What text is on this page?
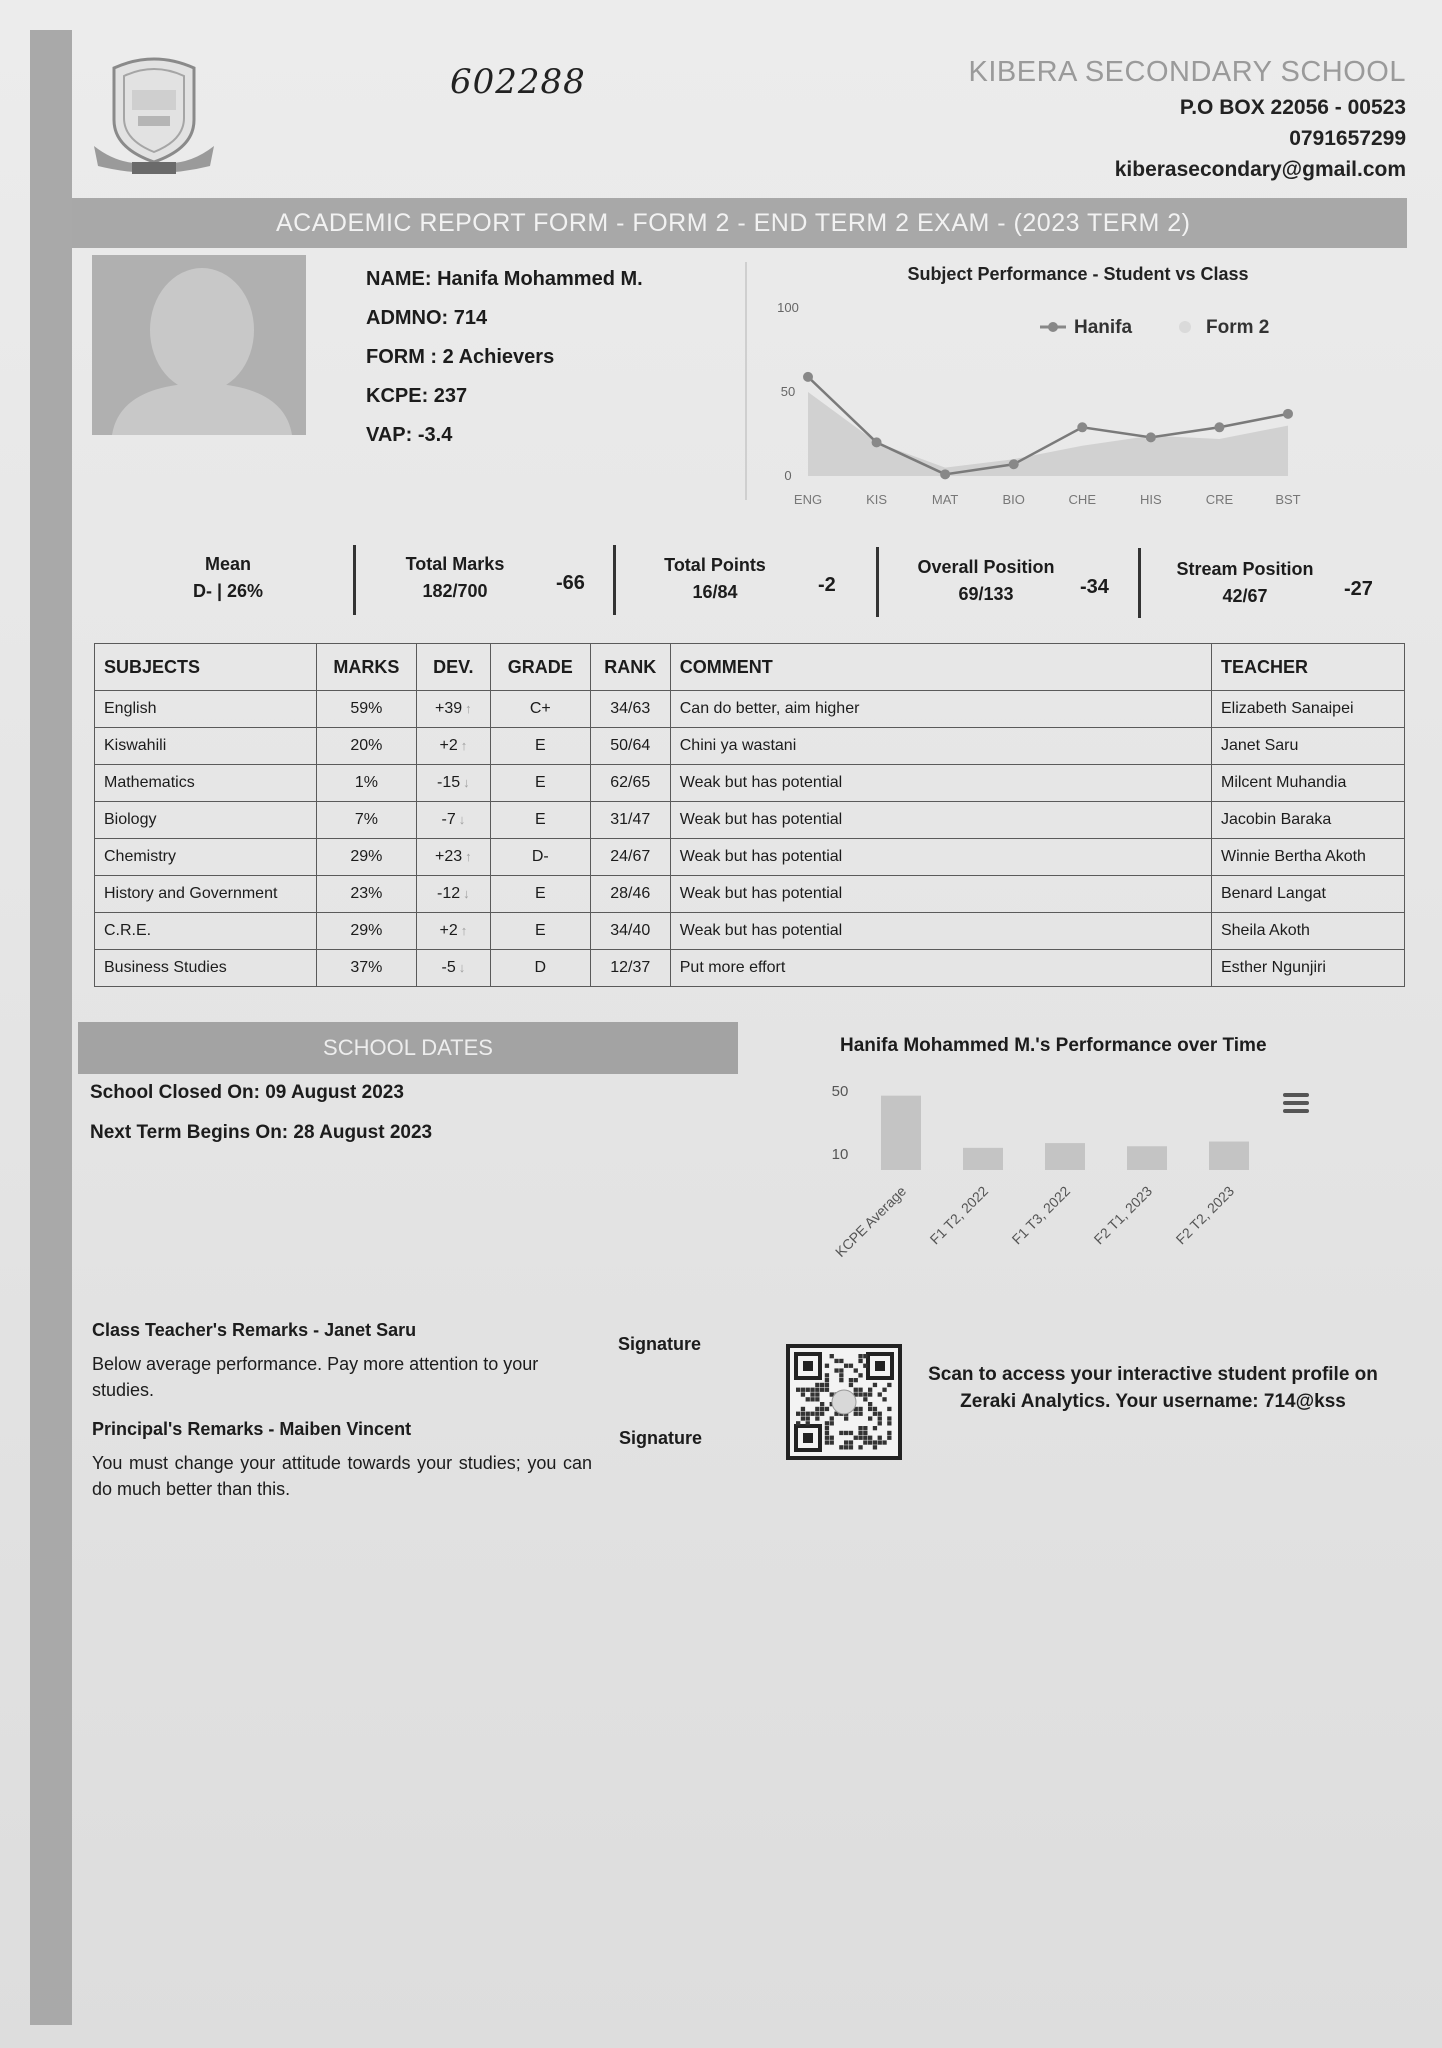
602288	KIBERA SECONDARY SCHOOL
P.O BOX 22056 - 00523
0791657299
kiberasecondary@gmail.com
ACADEMIC REPORT FORM - FORM 2 - END TERM 2 EXAM - (2023 TERM 2)
NAME: Hanifa Mohammed M.
ADMNO: 714
FORM : 2 Achievers
KCPE: 237
VAP: -3.4
Subject Performance - Student vs Class
Hanifa	Form 2
100
50
0
ENG	KIS	MAT	BIO	CHE	HIS	CRE	BST
Mean
D- | 26%
Total Marks
182/700	-66
Total Points
16/84	-2
Overall Position
69/133	-34
Stream Position
42/67	-27
SUBJECTS	MARKS	DEV.	GRADE	RANK	COMMENT	TEACHER
English	59%	+39 ↑	C+	34/63	Can do better, aim higher	Elizabeth Sanaipei
Kiswahili	20%	+2 ↑	E	50/64	Chini ya wastani	Janet Saru
Mathematics	1%	-15 ↓	E	62/65	Weak but has potential	Milcent Muhandia
Biology	7%	-7 ↓	E	31/47	Weak but has potential	Jacobin Baraka
Chemistry	29%	+23 ↑	D-	24/67	Weak but has potential	Winnie Bertha Akoth
History and Government	23%	-12 ↓	E	28/46	Weak but has potential	Benard Langat
C.R.E.	29%	+2 ↑	E	34/40	Weak but has potential	Sheila Akoth
Business Studies	37%	-5 ↓	D	12/37	Put more effort	Esther Ngunjiri
SCHOOL DATES
School Closed On: 09 August 2023
Next Term Begins On: 28 August 2023
Hanifa Mohammed M.'s Performance over Time
50
10
KCPE Average F1 T2, 2022 F1 T3, 2022 F2 T1, 2023 F2 T2, 2023
Class Teacher's Remarks - Janet Saru
Below average performance. Pay more attention to your studies.
Principal's Remarks - Maiben Vincent
You must change your attitude towards your studies; you can do much better than this.
Signature
Signature
Scan to access your interactive student profile on Zeraki Analytics. Your username: 714@kss
